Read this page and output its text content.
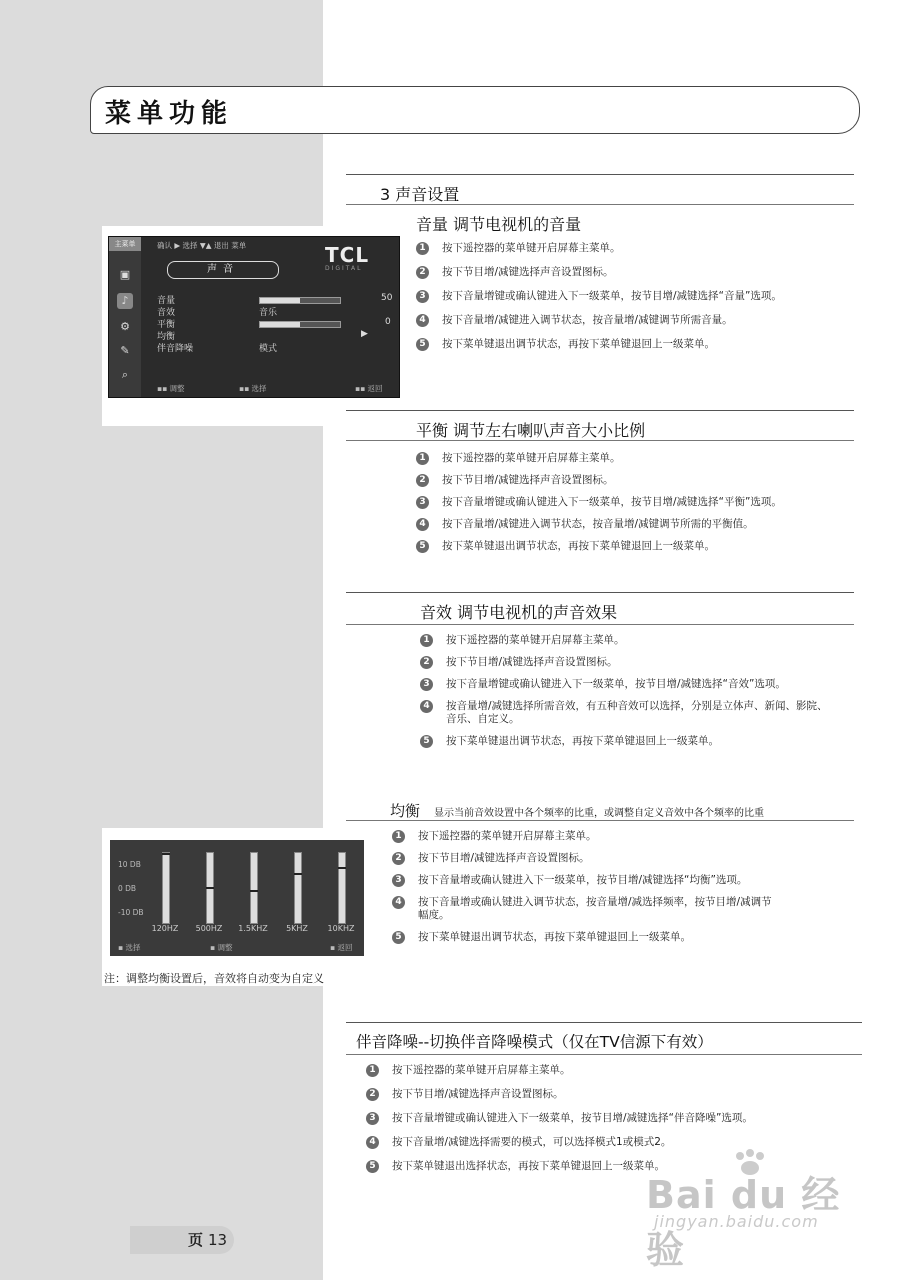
菜单功能
3 声音设置
音量 调节电视机的音量
1	按下遥控器的菜单键开启屏幕主菜单。
2	按下节目增/减键选择声音设置图标。
3	按下音量增键或确认键进入下一级菜单，按节目增/减键选择“音量”选项。
4	按下音量增/减键进入调节状态，按音量增/减键调节所需音量。
5	按下菜单键退出调节状态，再按下菜单键退回上一级菜单。
主菜单
▣
♪
⚙
✎
⌕
确认 ▶ 选择 ▼▲ 退出 菜单	TCL
DIGITAL
声音
音量	50
音效	音乐
平衡	0
均衡	▶
伴音降噪	模式
▪▪ 调整	▪▪ 选择	▪▪ 返回
平衡 调节左右喇叭声音大小比例
1	按下遥控器的菜单键开启屏幕主菜单。
2	按下节目增/减键选择声音设置图标。
3	按下音量增键或确认键进入下一级菜单，按节目增/减键选择“平衡”选项。
4	按下音量增/减键进入调节状态，按音量增/减键调节所需的平衡值。
5	按下菜单键退出调节状态，再按下菜单键退回上一级菜单。
音效 调节电视机的声音效果
1	按下遥控器的菜单键开启屏幕主菜单。
2	按下节目增/减键选择声音设置图标。
3	按下音量增键或确认键进入下一级菜单，按节目增/减键选择“音效”选项。
4	按音量增/减键选择所需音效，有五种音效可以选择，分别是立体声、新闻、影院、音乐、自定义。
5	按下菜单键退出调节状态，再按下菜单键退回上一级菜单。
均衡 显示当前音效设置中各个频率的比重，或调整自定义音效中各个频率的比重
1	按下遥控器的菜单键开启屏幕主菜单。
2	按下节目增/减键选择声音设置图标。
3	按下音量增或确认键进入下一级菜单，按节目增/减键选择“均衡”选项。
4	按下音量增或确认键进入调节状态，按音量增/减选择频率，按节目增/减调节幅度。
5	按下菜单键退出调节状态，再按下菜单键退回上一级菜单。
10 DB
0 DB
-10 DB
▪ 选择	▪ 调整	▪ 返回
120HZ	500HZ	1.5KHZ	5KHZ	10KHZ
注：调整均衡设置后，音效将自动变为自定义
伴音降噪--切换伴音降噪模式（仅在TV信源下有效）
1	按下遥控器的菜单键开启屏幕主菜单。
2	按下节目增/减键选择声音设置图标。
3	按下音量增键或确认键进入下一级菜单，按节目增/减键选择“伴音降噪”选项。
4	按下音量增/减键选择需要的模式，可以选择模式1或模式2。
5	按下菜单键退出选择状态，再按下菜单键退回上一级菜单。
页 13
Bai du 经验
jingyan.baidu.com
